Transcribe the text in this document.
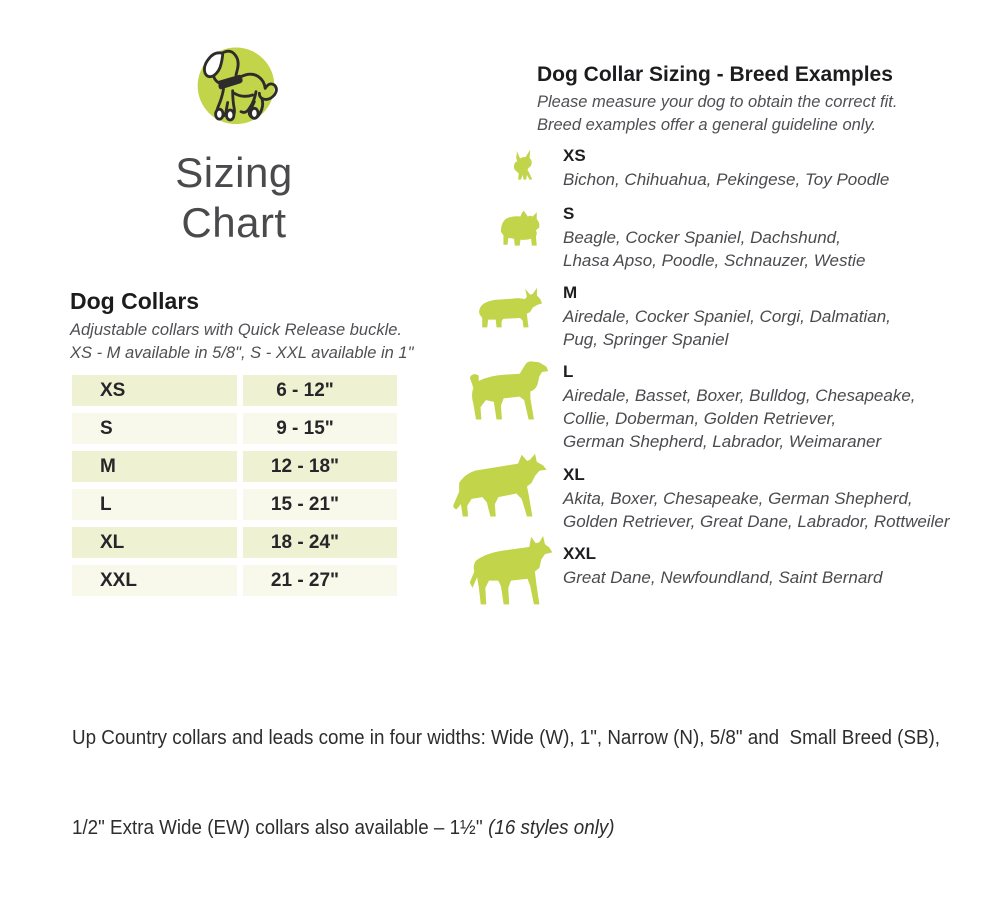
Sizing
Chart
Dog Collars
Adjustable collars with Quick Release buckle.
XS - M available in 5/8", S - XXL available in 1"
XS	6 - 12"
S	9 - 15"
M	12 - 18"
L	15 - 21"
XL	18 - 24"
XXL	21 - 27"
Dog Collar Sizing - Breed Examples
Please measure your dog to obtain the correct fit.
Breed examples offer a general guideline only.
XS
Bichon, Chihuahua, Pekingese, Toy Poodle
S
Beagle, Cocker Spaniel, Dachshund,
Lhasa Apso, Poodle, Schnauzer, Westie
M
Airedale, Cocker Spaniel, Corgi, Dalmatian,
Pug, Springer Spaniel
L
Airedale, Basset, Boxer, Bulldog, Chesapeake,
Collie, Doberman, Golden Retriever,
German Shepherd, Labrador, Weimaraner
XL
Akita, Boxer, Chesapeake, German Shepherd,
Golden Retriever, Great Dane, Labrador, Rottweiler
XXL
Great Dane, Newfoundland, Saint Bernard

Up Country collars and leads come in four widths: Wide (W), 1", Narrow (N), 5/8" and  Small Breed (SB),

1/2" Extra Wide (EW) collars also available – 1½'' (16 styles only)
